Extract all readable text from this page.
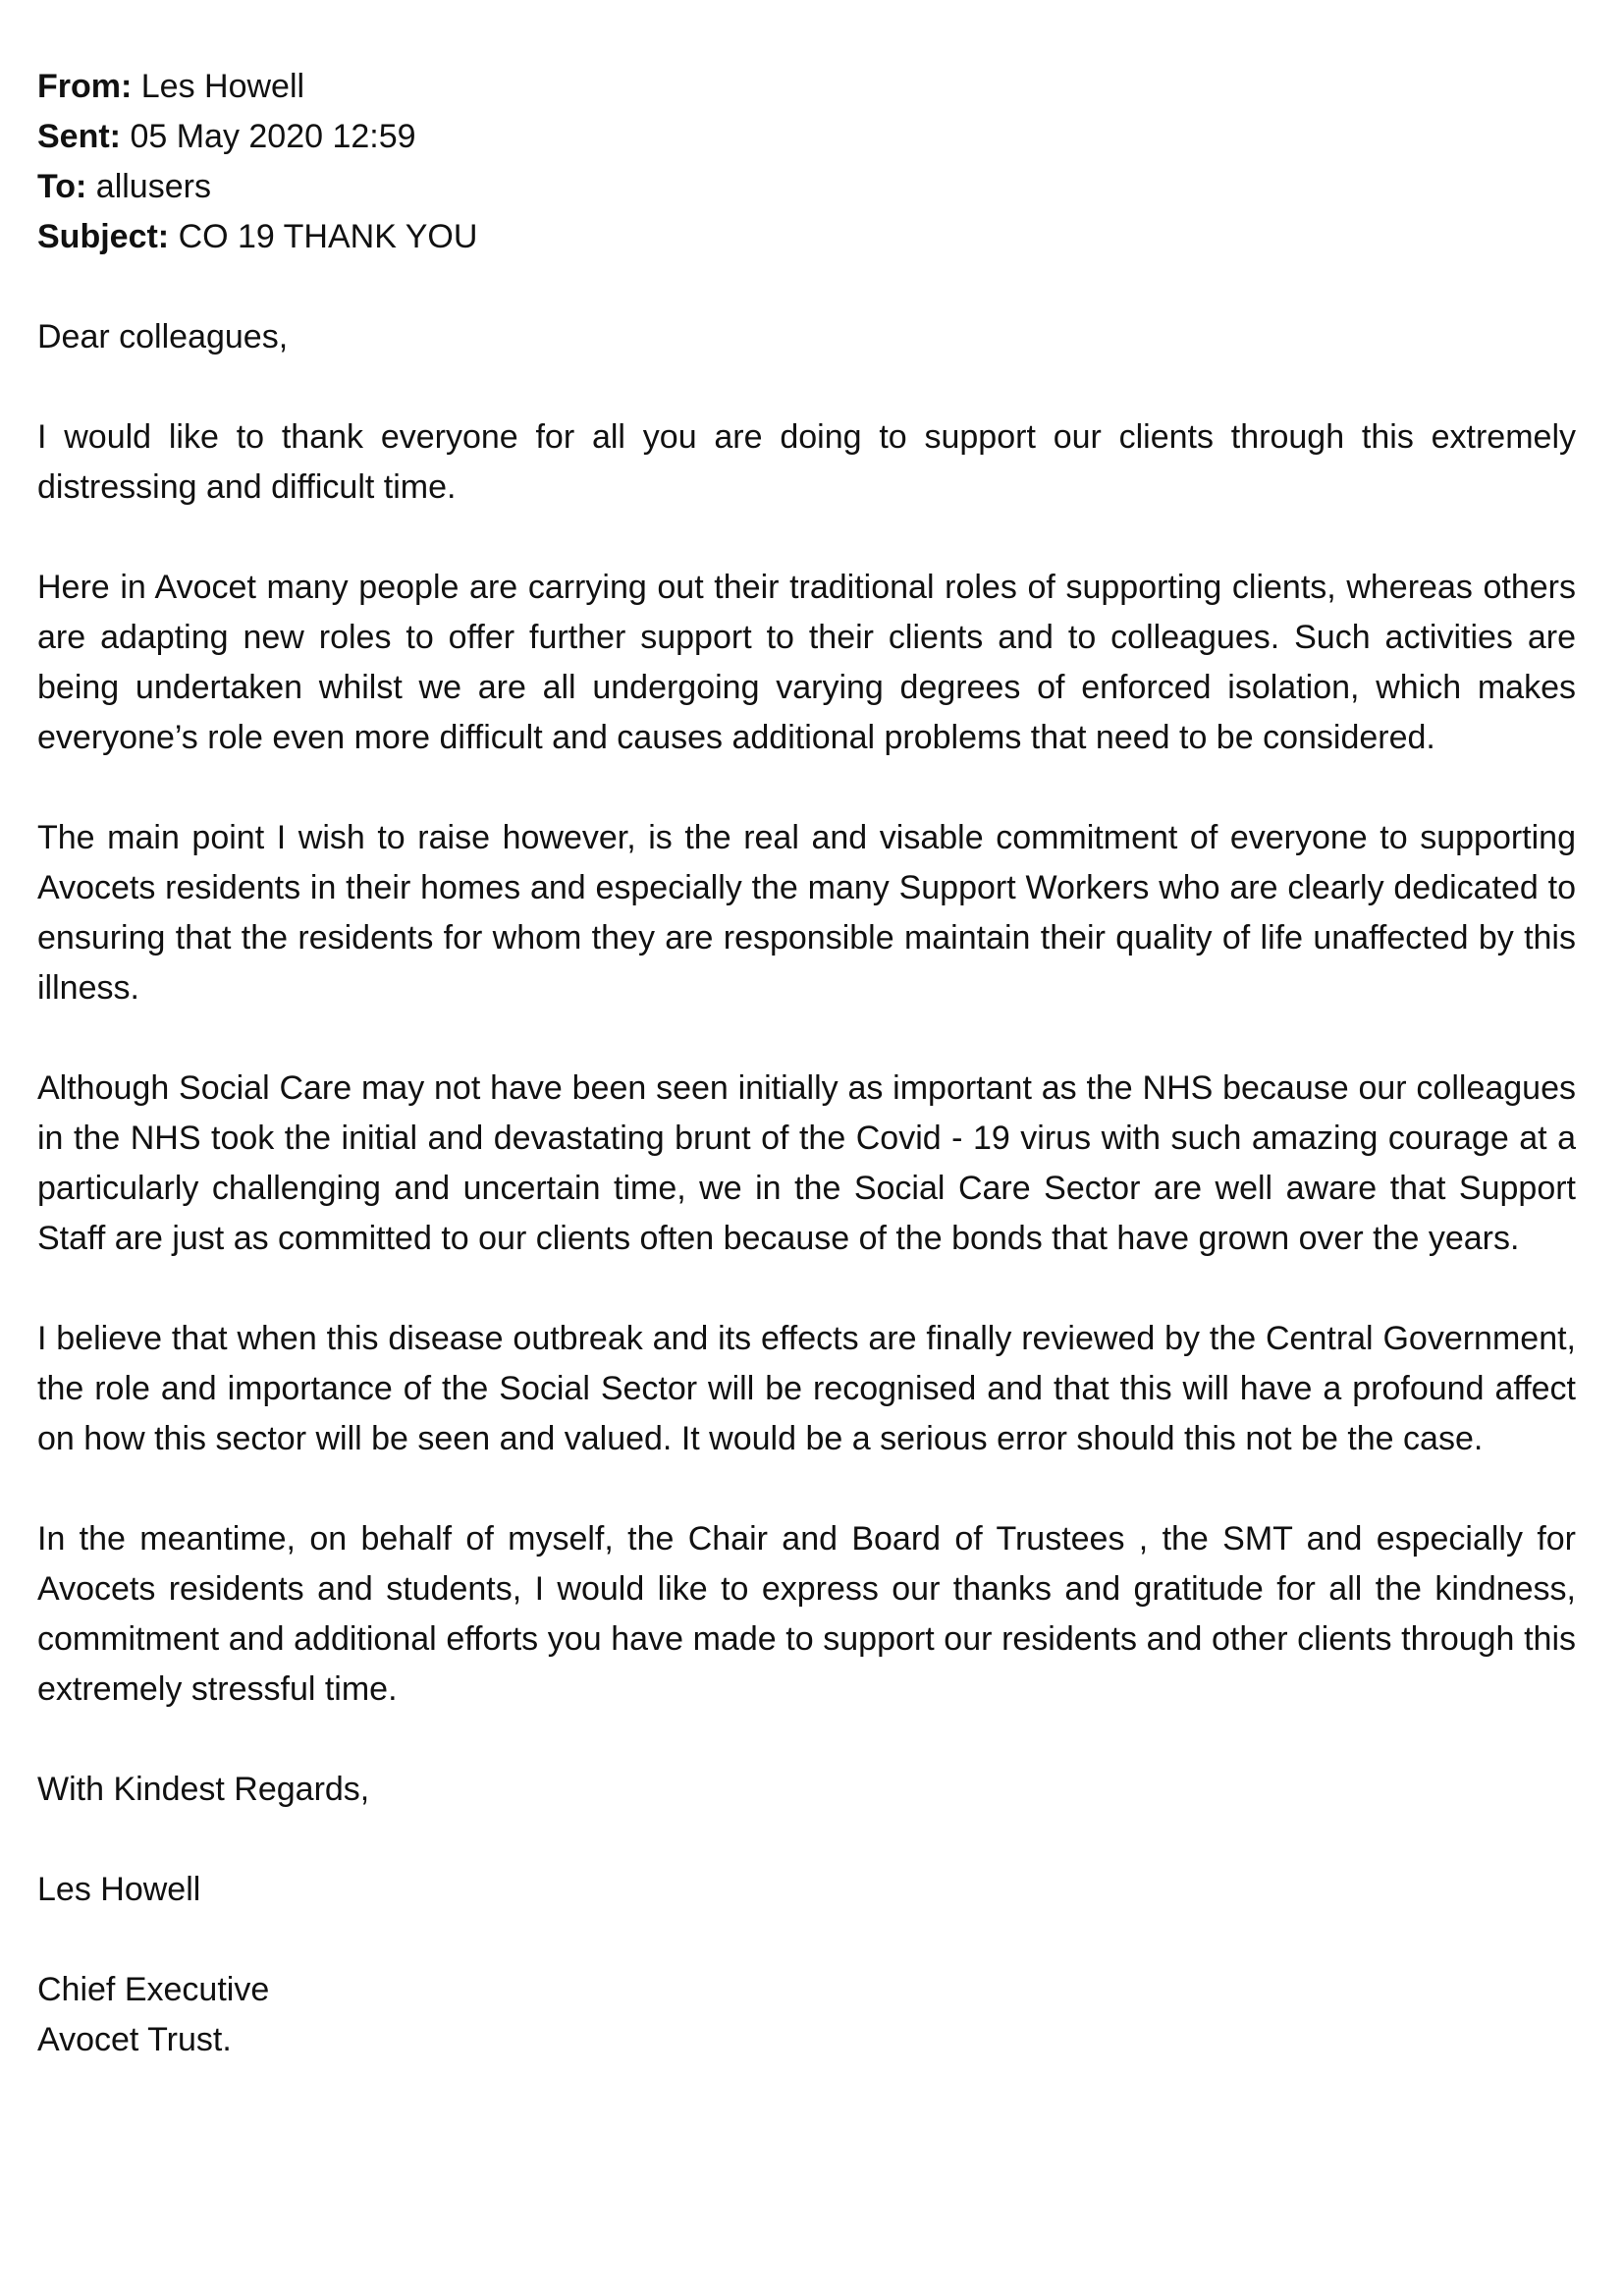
From: Les Howell

Sent: 05 May 2020 12:59

To: allusers

Subject: CO 19 THANK YOU

Dear colleagues,

I would like to thank everyone for all you are doing to support our clients through this extremely distressing and difficult time.

Here in Avocet many people are carrying out their traditional roles of supporting clients, whereas others are adapting new roles to offer further support to their clients and to colleagues. Such activities are being undertaken whilst we are all undergoing varying degrees of enforced isolation, which makes everyone’s role even more difficult and causes additional problems that need to be considered.

The main point I wish to raise however, is the real and visable commitment of everyone to supporting Avocets residents in their homes and especially the many Support Workers who are clearly dedicated to ensuring that the residents for whom they are responsible maintain their quality of life unaffected by this illness.

Although Social Care may not have been seen initially as important as the NHS because our colleagues in the NHS took the initial and devastating brunt of the Covid - 19 virus with such amazing courage at a particularly challenging and uncertain time, we in the Social Care Sector are well aware that Support Staff are just as committed to our clients often because of the bonds that have grown over the years.

I believe that when this disease outbreak and its effects are finally reviewed by the Central Government, the role and importance of the Social Sector will be recognised and that this will have a profound affect on how this sector will be seen and valued. It would be a serious error should this not be the case.

In the meantime, on behalf of myself, the Chair and Board of Trustees , the SMT and especially for Avocets residents and students, I would like to express our thanks and gratitude for all the kindness, commitment and additional efforts you have made to support our residents and other clients through this extremely stressful time.

With Kindest Regards,

Les Howell

Chief Executive

Avocet Trust.
